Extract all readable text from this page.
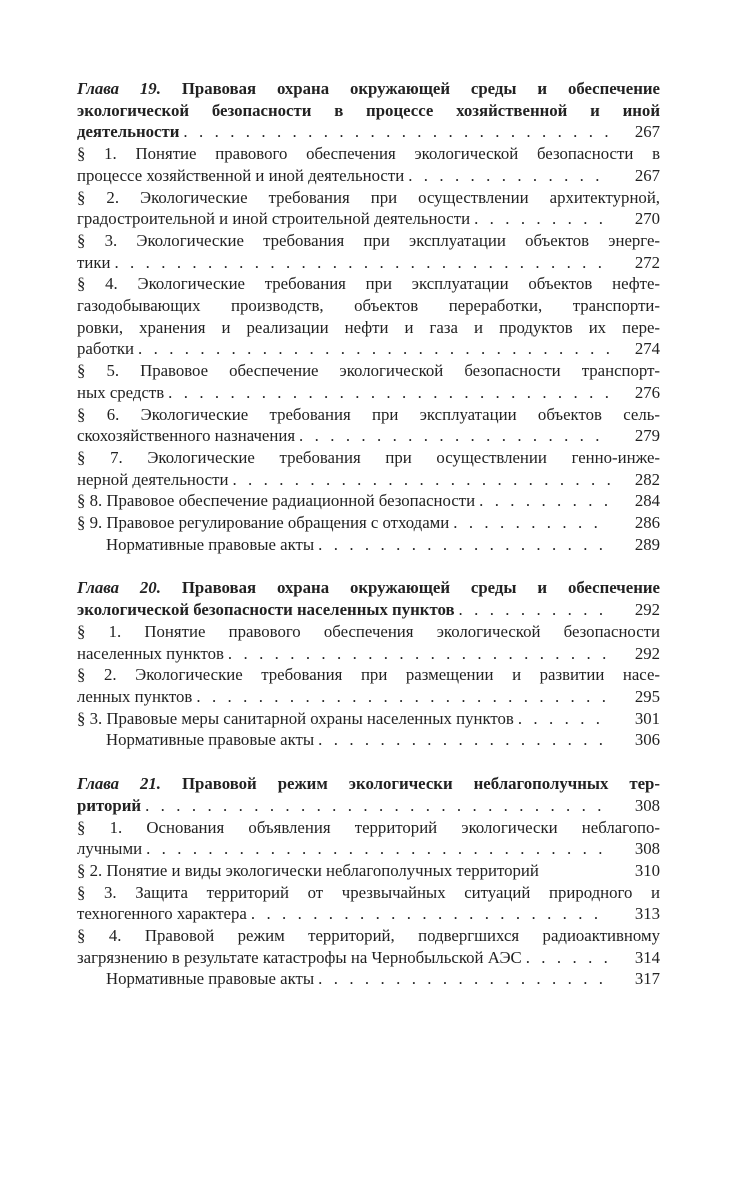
Глава 19. Правовая охрана окружающей среды и обеспечение
экологической безопасности в процессе хозяйственной и иной
деятельности . . .	267
§ 1. Понятие правового обеспечения экологической безопасности в
процессе хозяйственной и иной деятельности . . .	267
§ 2. Экологические требования при осуществлении архитектурной,
градостроительной и иной строительной деятельности . . .	270
§ 3. Экологические требования при эксплуатации объектов энерге-
тики . . .	272
§ 4. Экологические требования при эксплуатации объектов нефте-
газодобывающих производств, объектов переработки, транспорти-
ровки, хранения и реализации нефти и газа и продуктов их пере-
работки . . .	274
§ 5. Правовое обеспечение экологической безопасности транспорт-
ных средств . . .	276
§ 6. Экологические требования при эксплуатации объектов сель-
скохозяйственного назначения . . .	279
§ 7. Экологические требования при осуществлении генно-инже-
нерной деятельности . . .	282
§ 8. Правовое обеспечение радиационной безопасности . . .	284
§ 9. Правовое регулирование обращения с отходами . . .	286
Нормативные правовые акты . . .	289
Глава 20. Правовая охрана окружающей среды и обеспечение
экологической безопасности населенных пунктов . . .	292
§ 1. Понятие правового обеспечения экологической безопасности
населенных пунктов . . .	292
§ 2. Экологические требования при размещении и развитии насе-
ленных пунктов . . .	295
§ 3. Правовые меры санитарной охраны населенных пунктов . . .	301
Нормативные правовые акты . . .	306
Глава 21. Правовой режим экологически неблагополучных тер-
риторий . . .	308
§ 1. Основания объявления территорий экологически неблагопо-
лучными . . .	308
§ 2. Понятие и виды экологически неблагополучных территорий	310
§ 3. Защита территорий от чрезвычайных ситуаций природного и
техногенного характера . . .	313
§ 4. Правовой режим территорий, подвергшихся радиоактивному
загрязнению в результате катастрофы на Чернобыльской АЭС . . .	314
Нормативные правовые акты . . .	317
